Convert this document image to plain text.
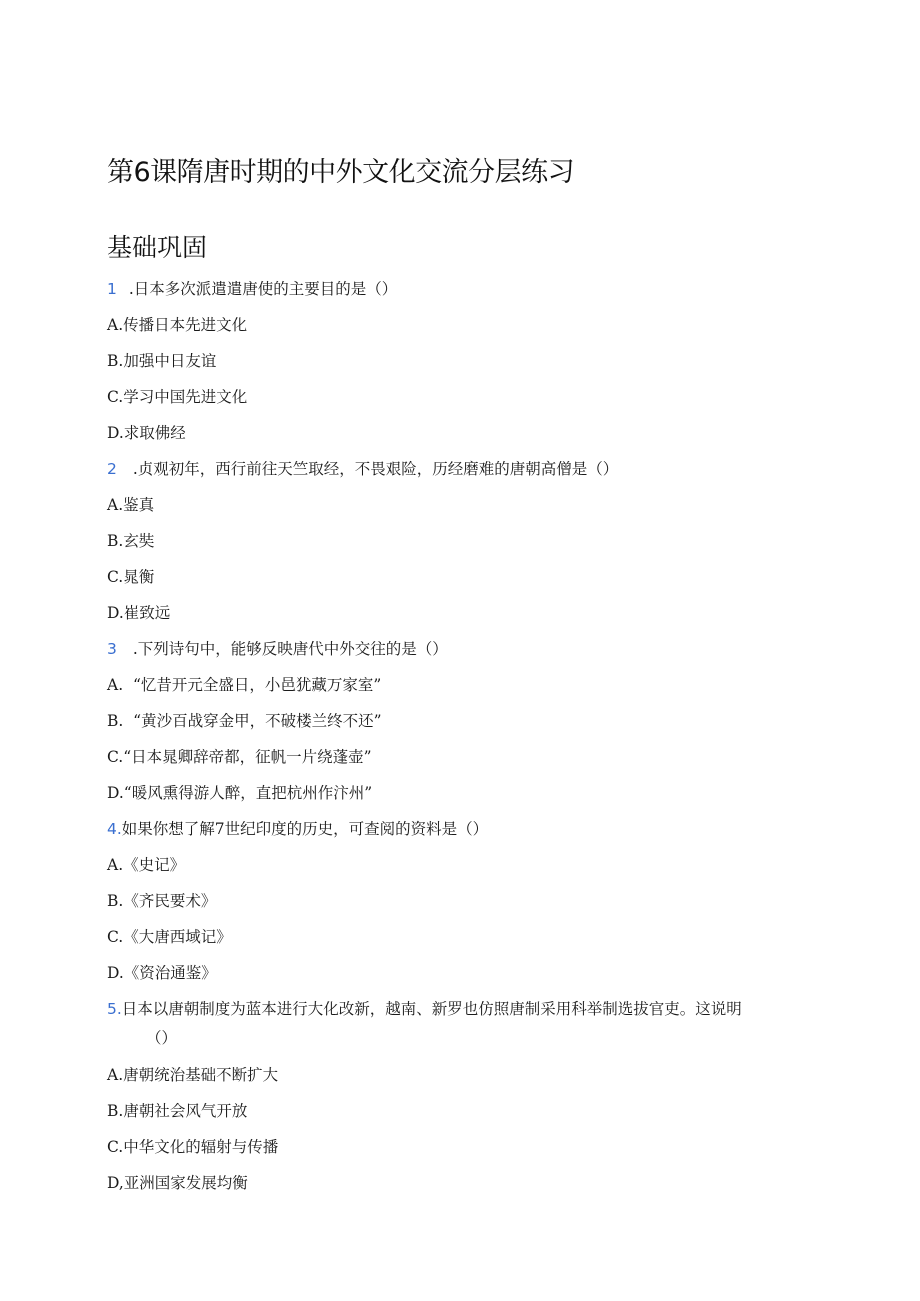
第6课隋唐时期的中外文化交流分层练习
基础巩固
1 .日本多次派遣遣唐使的主要目的是（）
A.传播日本先进文化
B.加强中日友谊
C.学习中国先进文化
D.求取佛经
2 .贞观初年，西行前往天竺取经，不畏艰险，历经磨难的唐朝高僧是（）
A.鉴真
B.玄奘
C.晁衡
D.崔致远
3 .下列诗句中，能够反映唐代中外交往的是（）
A.  “忆昔开元全盛日，小邑犹藏万家室”
B.  “黄沙百战穿金甲，不破楼兰终不还”
C.“日本晁卿辞帝都，征帆一片绕蓬壶”
D.“暖风熏得游人醉，直把杭州作汴州”
4.如果你想了解7世纪印度的历史，可查阅的资料是（）
A.《史记》
B.《齐民要术》
C.《大唐西域记》
D.《资治通鉴》
5.日本以唐朝制度为蓝本进行大化改新，越南、新罗也仿照唐制采用科举制选拔官吏。这说明
（）
A.唐朝统治基础不断扩大
B.唐朝社会风气开放
C.中华文化的辐射与传播
D,亚洲国家发展均衡
